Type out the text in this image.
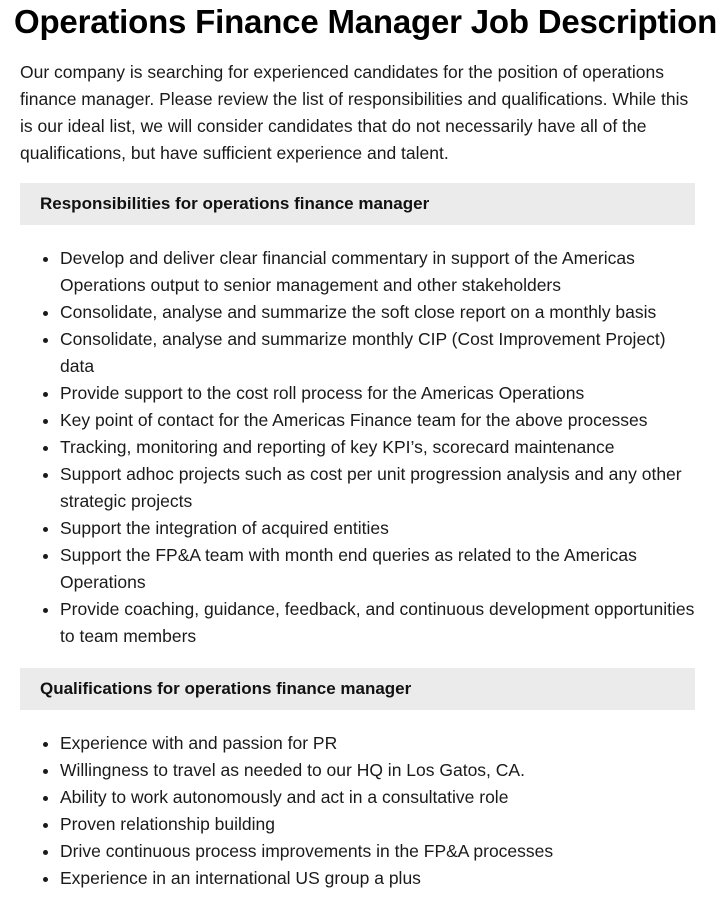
Operations Finance Manager Job Description

Our company is searching for experienced candidates for the position of operations finance manager. Please review the list of responsibilities and qualifications. While this is our ideal list, we will consider candidates that do not necessarily have all of the qualifications, but have sufficient experience and talent.

Responsibilities for operations finance manager
• Develop and deliver clear financial commentary in support of the Americas Operations output to senior management and other stakeholders
• Consolidate, analyse and summarize the soft close report on a monthly basis
• Consolidate, analyse and summarize monthly CIP (Cost Improvement Project) data
• Provide support to the cost roll process for the Americas Operations
• Key point of contact for the Americas Finance team for the above processes
• Tracking, monitoring and reporting of key KPI’s, scorecard maintenance
• Support adhoc projects such as cost per unit progression analysis and any other strategic projects
• Support the integration of acquired entities
• Support the FP&A team with month end queries as related to the Americas Operations
• Provide coaching, guidance, feedback, and continuous development opportunities to team members
Qualifications for operations finance manager
• Experience with and passion for PR
• Willingness to travel as needed to our HQ in Los Gatos, CA.
• Ability to work autonomously and act in a consultative role
• Proven relationship building
• Drive continuous process improvements in the FP&A processes
• Experience in an international US group a plus
